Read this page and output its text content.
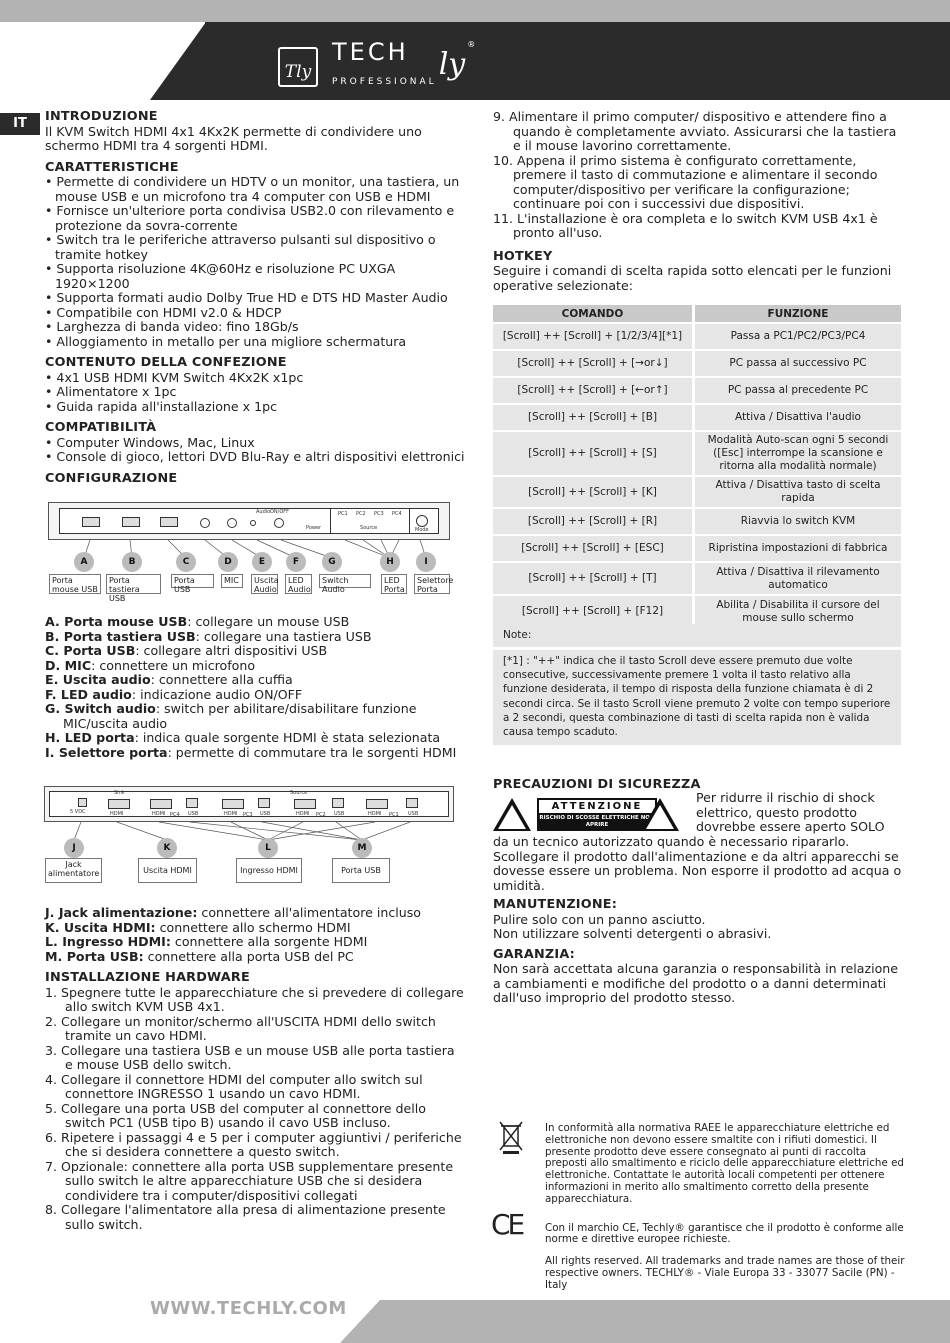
Tly
TECH
PROFESSIONAL
ly
®
IT	INTRODUZIONE
Il KVM Switch HDMI 4x1 4Kx2K permette di condividere uno schermo HDMI tra 4 sorgenti HDMI.
CARATTERISTICHE
• Permette di condividere un HDTV o un monitor, una tastiera, un mouse USB e un microfono tra 4 computer con USB e HDMI
• Fornisce un'ulteriore porta condivisa USB2.0 con rilevamento e protezione da sovra-corrente
• Switch tra le periferiche attraverso pulsanti sul dispositivo o tramite hotkey
• Supporta risoluzione 4K@60Hz e risoluzione PC UXGA 1920×1200
• Supporta formati audio Dolby True HD e DTS HD Master Audio
• Compatibile con HDMI v2.0 & HDCP
• Larghezza di banda video: fino 18Gb/s
• Alloggiamento in metallo per una migliore schermatura
CONTENUTO DELLA CONFEZIONE
• 4x1 USB HDMI KVM Switch 4Kx2K x1pc
• Alimentatore x 1pc
• Guida rapida all'installazione x 1pc
COMPATIBILITÀ
• Computer Windows, Mac, Linux
• Console di gioco, lettori DVD Blu-Ray e altri dispositivi elettronici
CONFIGURAZIONE
Audio ON/OFF
Power
PC1 PC2 PC3 PC4
Source	Mode
A	B	C	D	E	F	G	H	I
Porta mouse USB
Porta tastiera USB
Porta USB
MIC	Uscita Audio
LED Audio
Switch Audio
LED Porta
Selettore Porta
A. Porta mouse USB: collegare un mouse USB
B. Porta tastiera USB: collegare una tastiera USB
C. Porta USB: collegare altri dispositivi USB
D. MIC: connettere un microfono
E. Uscita audio: connettere alla cuffia
F. LED audio: indicazione audio ON/OFF
G. Switch audio: switch per abilitare/disabilitare funzione MIC/uscita audio
H. LED porta: indica quale sorgente HDMI è stata selezionata
I. Selettore porta: permette di commutare tra le sorgenti HDMI
Sink	Source
5 VDC	HDMI	HDMI	USB
PC4	HDMI	USB
PC3	HDMI	USB
PC2	HDMI	USB
PC1
J	K	L	M
Jack alimentatore	Uscita HDMI	Ingresso HDMI	Porta USB
J. Jack alimentazione: connettere all'alimentatore incluso
K. Uscita HDMI: connettere allo schermo HDMI
L. Ingresso HDMI: connettere alla sorgente HDMI
M. Porta USB: connettere alla porta USB del PC
INSTALLAZIONE HARDWARE
1. Spegnere tutte le apparecchiature che si prevedere di collegare allo switch KVM USB 4x1.
2. Collegare un monitor/schermo all'USCITA HDMI dello switch tramite un cavo HDMI.
3. Collegare una tastiera USB e un mouse USB alle porta tastiera e mouse USB dello switch.
4. Collegare il connettore HDMI del computer allo switch sul connettore INGRESSO 1 usando un cavo HDMI.
5. Collegare una porta USB del computer al connettore dello switch PC1 (USB tipo B) usando il cavo USB incluso.
6. Ripetere i passaggi 4 e 5 per i computer aggiuntivi / periferiche che si desidera connettere a questo switch.
7. Opzionale: connettere alla porta USB supplementare presente sullo switch le altre apparecchiature USB che si desidera condividere tra i computer/dispositivi collegati
8. Collegare l'alimentatore alla presa di alimentazione presente sullo switch.
9. Alimentare il primo computer/ dispositivo e attendere fino a quando è completamente avviato. Assicurarsi che la tastiera e il mouse lavorino correttamente.
10. Appena il primo sistema è configurato correttamente, premere il tasto di commutazione e alimentare il secondo computer/dispositivo per verificare la configurazione; continuare poi con i successivi due dispositivi.
11. L'installazione è ora completa e lo switch KVM USB 4x1 è pronto all'uso.
HOTKEY
Seguire i comandi di scelta rapida sotto elencati per le funzioni operative selezionate:
COMANDO	FUNZIONE
[Scroll] ++ [Scroll] + [1/2/3/4][*1]	Passa a PC1/PC2/PC3/PC4
[Scroll] ++ [Scroll] + [→or↓]	PC passa al successivo PC
[Scroll] ++ [Scroll] + [←or↑]	PC passa al precedente PC
[Scroll] ++ [Scroll] + [B]	Attiva / Disattiva l'audio
[Scroll] ++ [Scroll] + [S]	Modalità Auto-scan ogni 5 secondi ([Esc] interrompe la scansione e ritorna alla modalità normale)
[Scroll] ++ [Scroll] + [K]	Attiva / Disattiva tasto di scelta rapida
[Scroll] ++ [Scroll] + [R]	Riavvia lo switch KVM
[Scroll] ++ [Scroll] + [ESC]	Ripristina impostazioni di fabbrica
[Scroll] ++ [Scroll] + [T]	Attiva / Disattiva il rilevamento automatico
[Scroll] ++ [Scroll] + [F12]	Abilita / Disabilita il cursore del mouse sullo schermo
Note:
[*1] : "++" indica che il tasto Scroll deve essere premuto due volte consecutive, successivamente premere 1 volta il tasto relativo alla funzione desiderata, il tempo di risposta della funzione chiamata è di 2 secondi circa. Se il tasto Scroll viene premuto 2 volte con tempo superiore a 2 secondi, questa combinazione di tasti di scelta rapida non è valida causa tempo scaduto.
PRECAUZIONI DI SICUREZZA
ATTENZIONE
RISCHIO DI SCOSSE ELETTRICHE NON APRIRE
Per ridurre il rischio di shock elettrico, questo prodotto dovrebbe essere aperto SOLO
da un tecnico autorizzato quando è necessario ripararlo. Scollegare il prodotto dall'alimentazione e da altri apparecchi se dovesse essere un problema. Non esporre il prodotto ad acqua o umidità.
MANUTENZIONE:
Pulire solo con un panno asciutto.
Non utilizzare solventi detergenti o abrasivi.
GARANZIA:
Non sarà accettata alcuna garanzia o responsabilità in relazione a cambiamenti e modifiche del prodotto o a danni determinati dall'uso improprio del prodotto stesso.
CE
In conformità alla normativa RAEE le apparecchiature elettriche ed elettroniche non devono essere smaltite con i rifiuti domestici. Il presente prodotto deve essere consegnato ai punti di raccolta preposti allo smaltimento e riciclo delle apparecchiature elettriche ed elettroniche. Contattate le autorità locali competenti per ottenere informazioni in merito allo smaltimento corretto della presente apparecchiatura.
Con il marchio CE, Techly® garantisce che il prodotto è conforme alle norme e direttive europee richieste.
All rights reserved. All trademarks and trade names are those of their respective owners. TECHLY® - Viale Europa 33 - 33077 Sacile (PN) - Italy
WWW.TECHLY.COM
